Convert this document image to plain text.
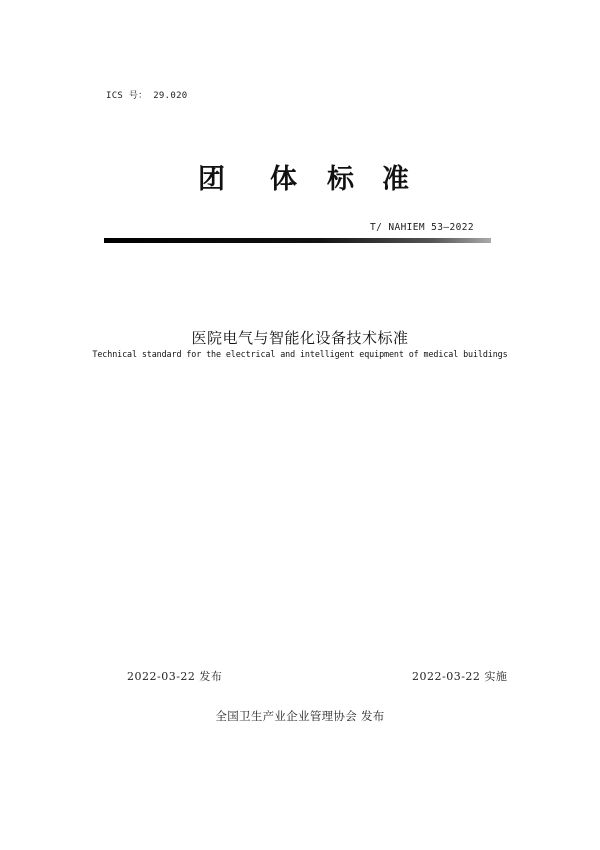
ICS 号： 29.020
团 体 标 准
T/ NAHIEM 53—2022
医院电气与智能化设备技术标准
Technical standard for the electrical and intelligent equipment of medical buildings
2022-03-22 发布	2022-03-22 实施
全国卫生产业企业管理协会 发布
